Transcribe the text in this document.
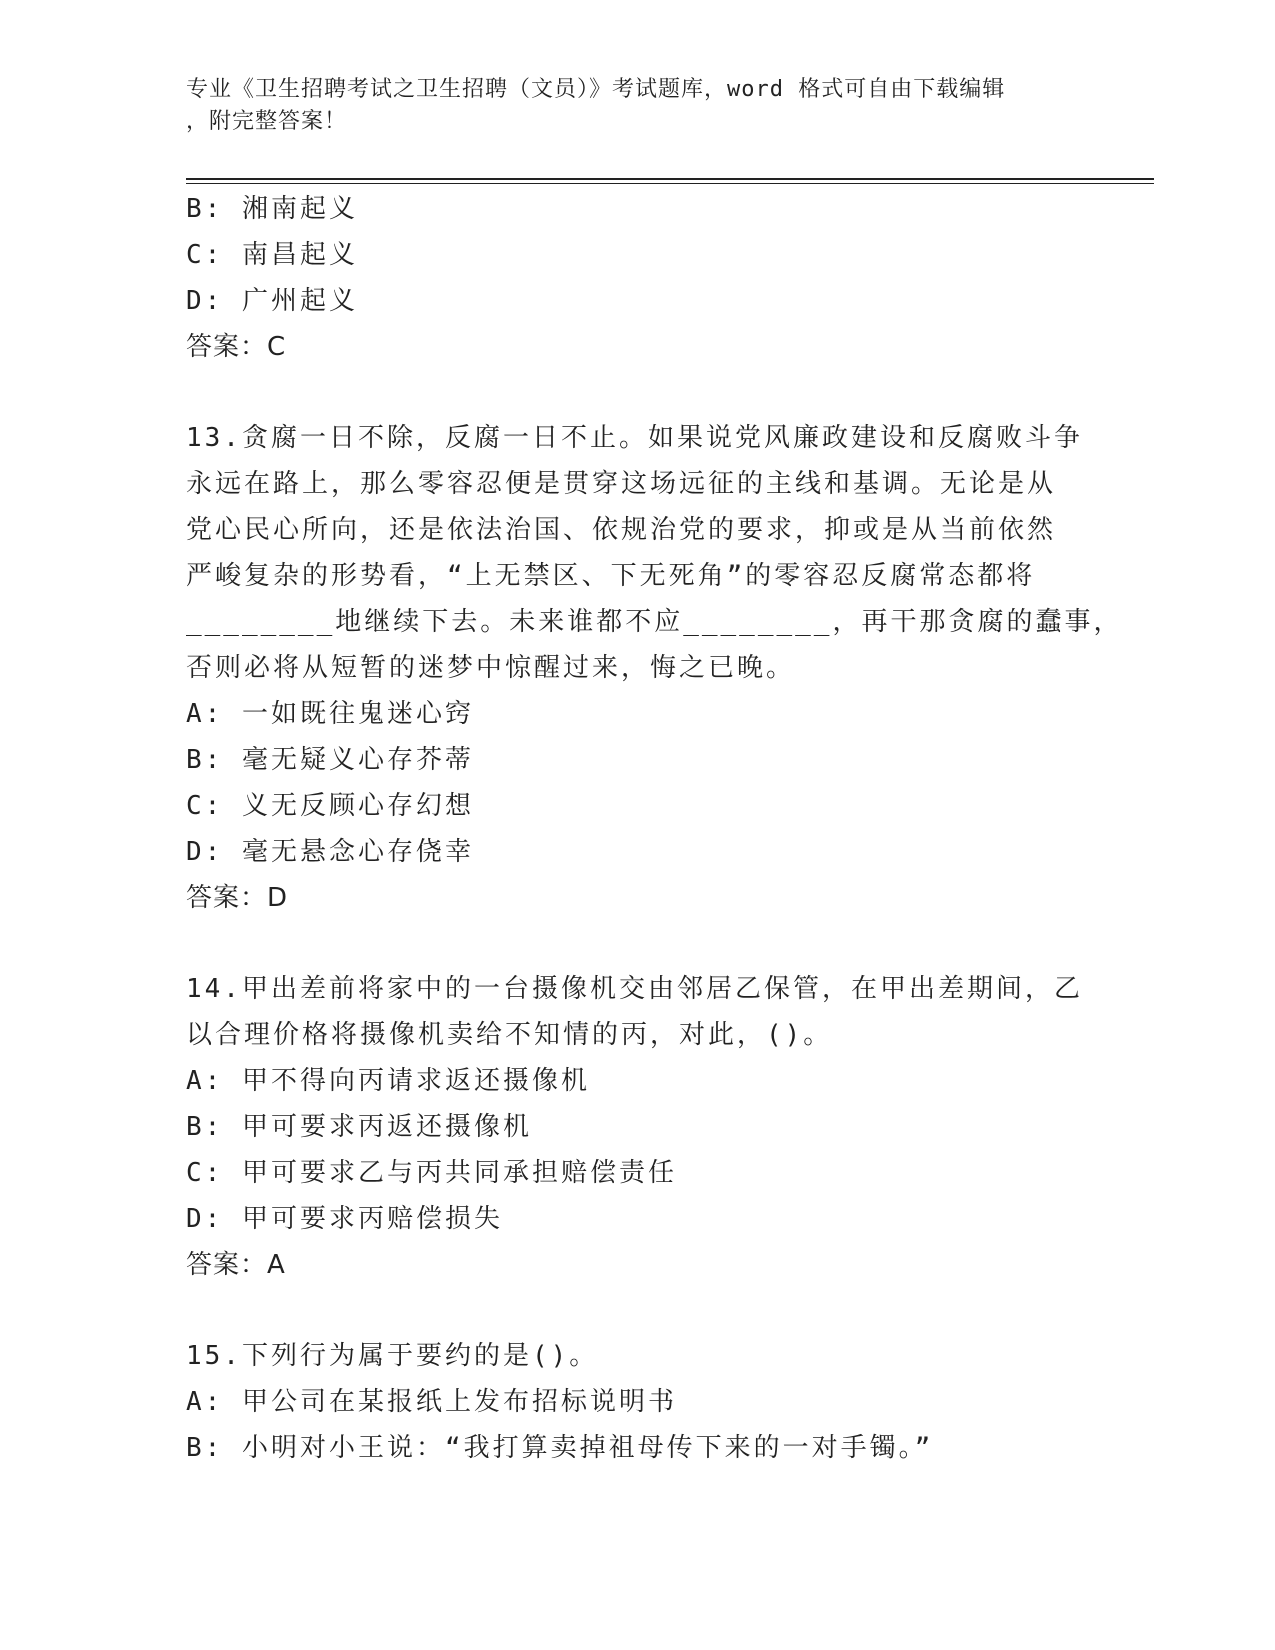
专业《卫生招聘考试之卫生招聘（文员）》考试题库，word 格式可自由下载编辑
，附完整答案！
B: 湘南起义
C: 南昌起义
D: 广州起义
答案：C
13.贪腐一日不除，反腐一日不止。如果说党风廉政建设和反腐败斗争
永远在路上，那么零容忍便是贯穿这场远征的主线和基调。无论是从
党心民心所向，还是依法治国、依规治党的要求，抑或是从当前依然
严峻复杂的形势看，“上无禁区、下无死角”的零容忍反腐常态都将
________地继续下去。未来谁都不应________，再干那贪腐的蠢事，
否则必将从短暂的迷梦中惊醒过来，悔之已晚。
A: 一如既往鬼迷心窍
B: 毫无疑义心存芥蒂
C: 义无反顾心存幻想
D: 毫无悬念心存侥幸
答案：D
14.甲出差前将家中的一台摄像机交由邻居乙保管，在甲出差期间，乙
以合理价格将摄像机卖给不知情的丙，对此，()。
A: 甲不得向丙请求返还摄像机
B: 甲可要求丙返还摄像机
C: 甲可要求乙与丙共同承担赔偿责任
D: 甲可要求丙赔偿损失
答案：A
15.下列行为属于要约的是()。
A: 甲公司在某报纸上发布招标说明书
B: 小明对小王说：“我打算卖掉祖母传下来的一对手镯。”
